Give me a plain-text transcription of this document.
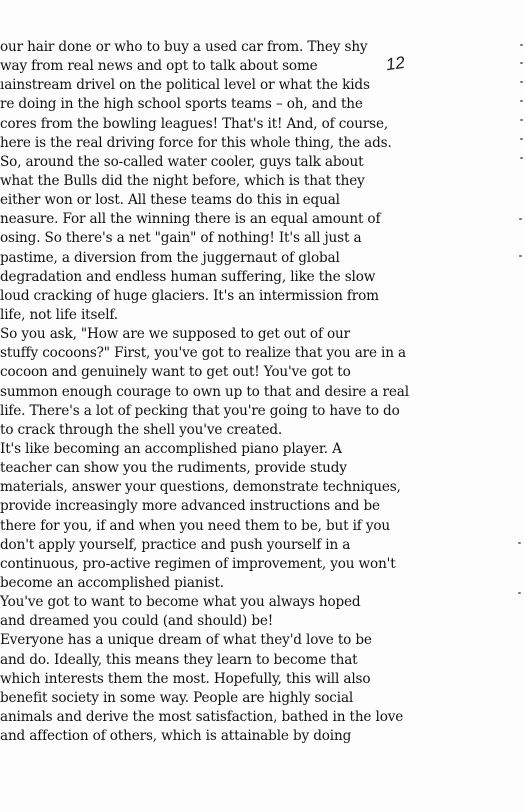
our hair done or who to buy a used car from. They shy
way from real news and opt to talk about some
ıainstream drivel on the political level or what the kids
re doing in the high school sports teams – oh, and the
cores from the bowling leagues! That's it! And, of course,
here is the real driving force for this whole thing, the ads.
So, around the so-called water cooler, guys talk about
what the Bulls did the night before, which is that they
either won or lost. All these teams do this in equal
neasure. For all the winning there is an equal amount of
osing. So there's a net "gain" of nothing! It's all just a
pastime, a diversion from the juggernaut of global
degradation and endless human suffering, like the slow
loud cracking of huge glaciers. It's an intermission from
life, not life itself.
So you ask, "How are we supposed to get out of our
stuffy cocoons?" First, you've got to realize that you are in a
cocoon and genuinely want to get out! You've got to
summon enough courage to own up to that and desire a real
life. There's a lot of pecking that you're going to have to do
to crack through the shell you've created.
It's like becoming an accomplished piano player. A
teacher can show you the rudiments, provide study
materials, answer your questions, demonstrate techniques,
provide increasingly more advanced instructions and be
there for you, if and when you need them to be, but if you
don't apply yourself, practice and push yourself in a
continuous, pro-active regimen of improvement, you won't
become an accomplished pianist.
You've got to want to become what you always hoped
and dreamed you could (and should) be!
Everyone has a unique dream of what they'd love to be
and do. Ideally, this means they learn to become that
which interests them the most. Hopefully, this will also
benefit society in some way. People are highly social
animals and derive the most satisfaction, bathed in the love
and affection of others, which is attainable by doing
12
